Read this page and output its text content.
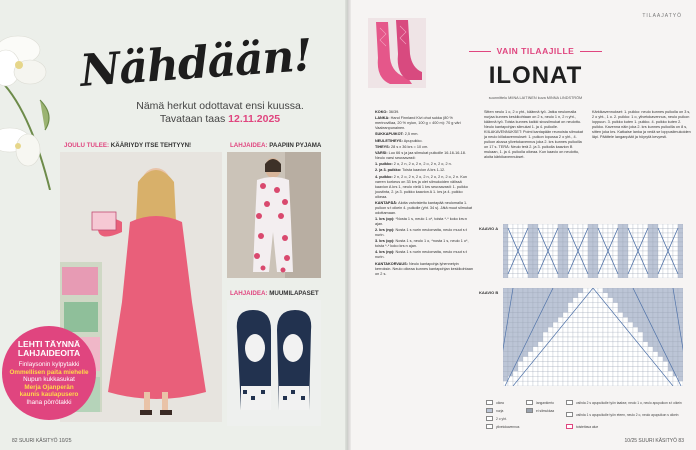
Nähdään!
Nämä herkut odottavat ensi kuussa.
Tavataan taas 12.11.2025
JOULU TULEE: KÄÄRIYDY ITSE TEHTYYN!	LAHJAIDEA: PAAPIIN PYJAMA
LAHJAIDEA: MUUMILAPASET
LEHTI TÄYNNÄ
LAHJAIDEOITA
Finlaysonin kylpytakki
Ommellisen paita miehelle
Nupun kukkasukat
Merja Ojanperän
kaunis kaulapusero
Ihana pörrötakki
82 SUURI KÄSITYÖ 10/25
TILAAJATYÖ
VAIN TILAAJILLE
ILONAT
suunnittelu MIINA LAITINEN kuva MINNA LINDSTRÖM

KOKO: 36/39.

LANKA: Hand Finnland Kivi ohut sukka (80 % merinovillaa, 20 % nylon, 100 g = 400 m): 70 g väri Vaaleanpunainen.

SUKKAPUIKOT: 2,5 mm.

NEULETIHEYS: Apupuikko.

TIHEYS: 28 s x 36 krs = 10 cm.

VARSI: Luo 66 s ja jaa silmukat puikoille 16-16-16-18. Neulo varsi seuraavasti:

1. puikko: 2 o, 2 n, 2 o, 2 n, 2 o, 2 n, 2 o, 2 n.

2. ja 3. puikko: Toista kaavion A krs 1-12.

4. puikko: 2 n, 2 o, 2 n, 2 o, 2 n, 2 o, 2 n, 2 o, 2 n. Kun varren korkeus on 33 krs ja olet silmukoiden välissä kaavion A krs 1, neulo vielä 1 krs seuraavasti: 1. puikko joustinta, 2. ja 3. puikko kaavion A 1. krs ja 4. puikko oikeaa.

KANTAPÄÄ: Aloita vahvistettu kantapää neulomalla 1. puikon s:t oikein 4. puikolle (yht. 34 s). Jätä muut silmukat odottamaan.

1. krs (op): *Nosta 1 s, neulo 1 o*, toista *-* koko krs:n ajan.

2. krs (np): Nosta 1 s nurin neulomatta, neulo muut s:t nurin.

3. krs (op): Nosta 1 s, neulo 1 o, *nosta 1 s, neulo 1 o*, toista *-* koko krs:n ajan.

4. krs (np): Nosta 1 s nurin neulomatta, neulo muut s:t nurin.

KANTAKORVAUS: Neulo kantapohja lyhennetyin kerroksin. Neulo oikeaa kunnes kantapohjan keskikohtaan on 2 s.

Sitten neulo 1 o, 2 o yht., käännä työ. Jatka neulomalla nurjaa kunnes keskikohtaan on 2 s, neulo 1 n, 2 n yht., käännä työ. Toista kunnes kaikki sivusilmukat on neulottu. Neulo kantapohjan silmukat 1. ja 4. puikolle. KIILAKAVENNUKSET: Poimi kantapään reunoista silmukat ja neulo kiilakavennukset: 1. puikon lopussa 2 o yht., 4. puikon alussa ylivetokavennus joka 2. krs kunnes puikoilla on 17 s. TERÄ: Neulo terä 2. ja 3. puikolla kaavion B mukaan, 1. ja 4. puikolla oikeaa. Kun kaavio on neulottu, aloita kärkikavennukset.
Kärkikavennukset: 1. puikko: neulo kunnes puikolla on 3 s, 2 o yht., 1 o. 2. puikko: 1 o, ylivetokavennus, neulo puikon loppuun. 3. puikko kuten 1. puikko. 4. puikko kuten 2. puikko. Kavenna näin joka 2. krs kunnes puikoilla on 8 s, sitten joka krs. Katkaise lanka ja vedä se loppusilmukoiden läpi. Päättele langanpäät ja höyrytä kevyesti.
KAAVIO A
KAAVIO B
oikea
nurja
2 o yht.
ylivetokavennus
langankierto
ei silmukkaa
vaihda 2 s apupuikolle työn taakse, neulo 1 o, neulo apupuikon s:t oikein
vaihda 1 s apupuikolle työn eteen, neulo 2 o, neulo apupuikon s oikein
toistettava alue
10/25 SUURI KÄSITYÖ 83
